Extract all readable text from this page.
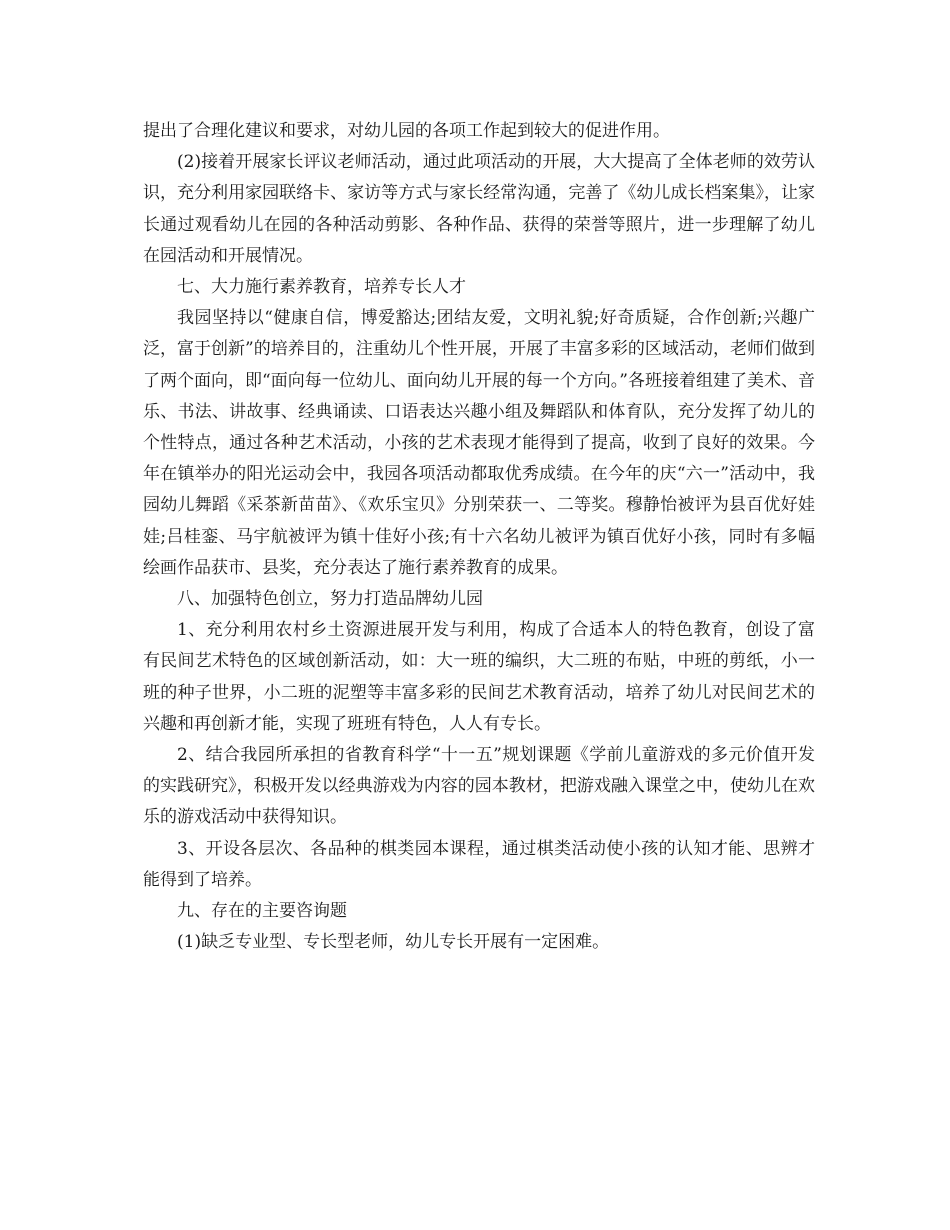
提出了合理化建议和要求，对幼儿园的各项工作起到较大的促进作用。

(2)接着开展家长评议老师活动，通过此项活动的开展，大大提高了全体老师的效劳认识，充分利用家园联络卡、家访等方式与家长经常沟通，完善了《幼儿成长档案集》，让家长通过观看幼儿在园的各种活动剪影、各种作品、获得的荣誉等照片，进一步理解了幼儿在园活动和开展情况。

七、大力施行素养教育，培养专长人才

我园坚持以“健康自信，博爱豁达;团结友爱，文明礼貌;好奇质疑，合作创新;兴趣广泛，富于创新”的培养目的，注重幼儿个性开展，开展了丰富多彩的区域活动，老师们做到了两个面向，即“面向每一位幼儿、面向幼儿开展的每一个方向。”各班接着组建了美术、音乐、书法、讲故事、经典诵读、口语表达兴趣小组及舞蹈队和体育队，充分发挥了幼儿的个性特点，通过各种艺术活动，小孩的艺术表现才能得到了提高，收到了良好的效果。今年在镇举办的阳光运动会中，我园各项活动都取优秀成绩。在今年的庆“六一”活动中，我园幼儿舞蹈《采茶新苗苗》、《欢乐宝贝》分别荣获一、二等奖。穆静怡被评为县百优好娃娃;吕桂銮、马宇航被评为镇十佳好小孩;有十六名幼儿被评为镇百优好小孩，同时有多幅绘画作品获市、县奖，充分表达了施行素养教育的成果。

八、加强特色创立，努力打造品牌幼儿园

1、充分利用农村乡土资源进展开发与利用，构成了合适本人的特色教育，创设了富有民间艺术特色的区域创新活动，如：大一班的编织，大二班的布贴，中班的剪纸，小一班的种子世界，小二班的泥塑等丰富多彩的民间艺术教育活动，培养了幼儿对民间艺术的兴趣和再创新才能，实现了班班有特色，人人有专长。

2、结合我园所承担的省教育科学“十一五”规划课题《学前儿童游戏的多元价值开发的实践研究》，积极开发以经典游戏为内容的园本教材，把游戏融入课堂之中，使幼儿在欢乐的游戏活动中获得知识。

3、开设各层次、各品种的棋类园本课程，通过棋类活动使小孩的认知才能、思辨才能得到了培养。

九、存在的主要咨询题

(1)缺乏专业型、专长型老师，幼儿专长开展有一定困难。
